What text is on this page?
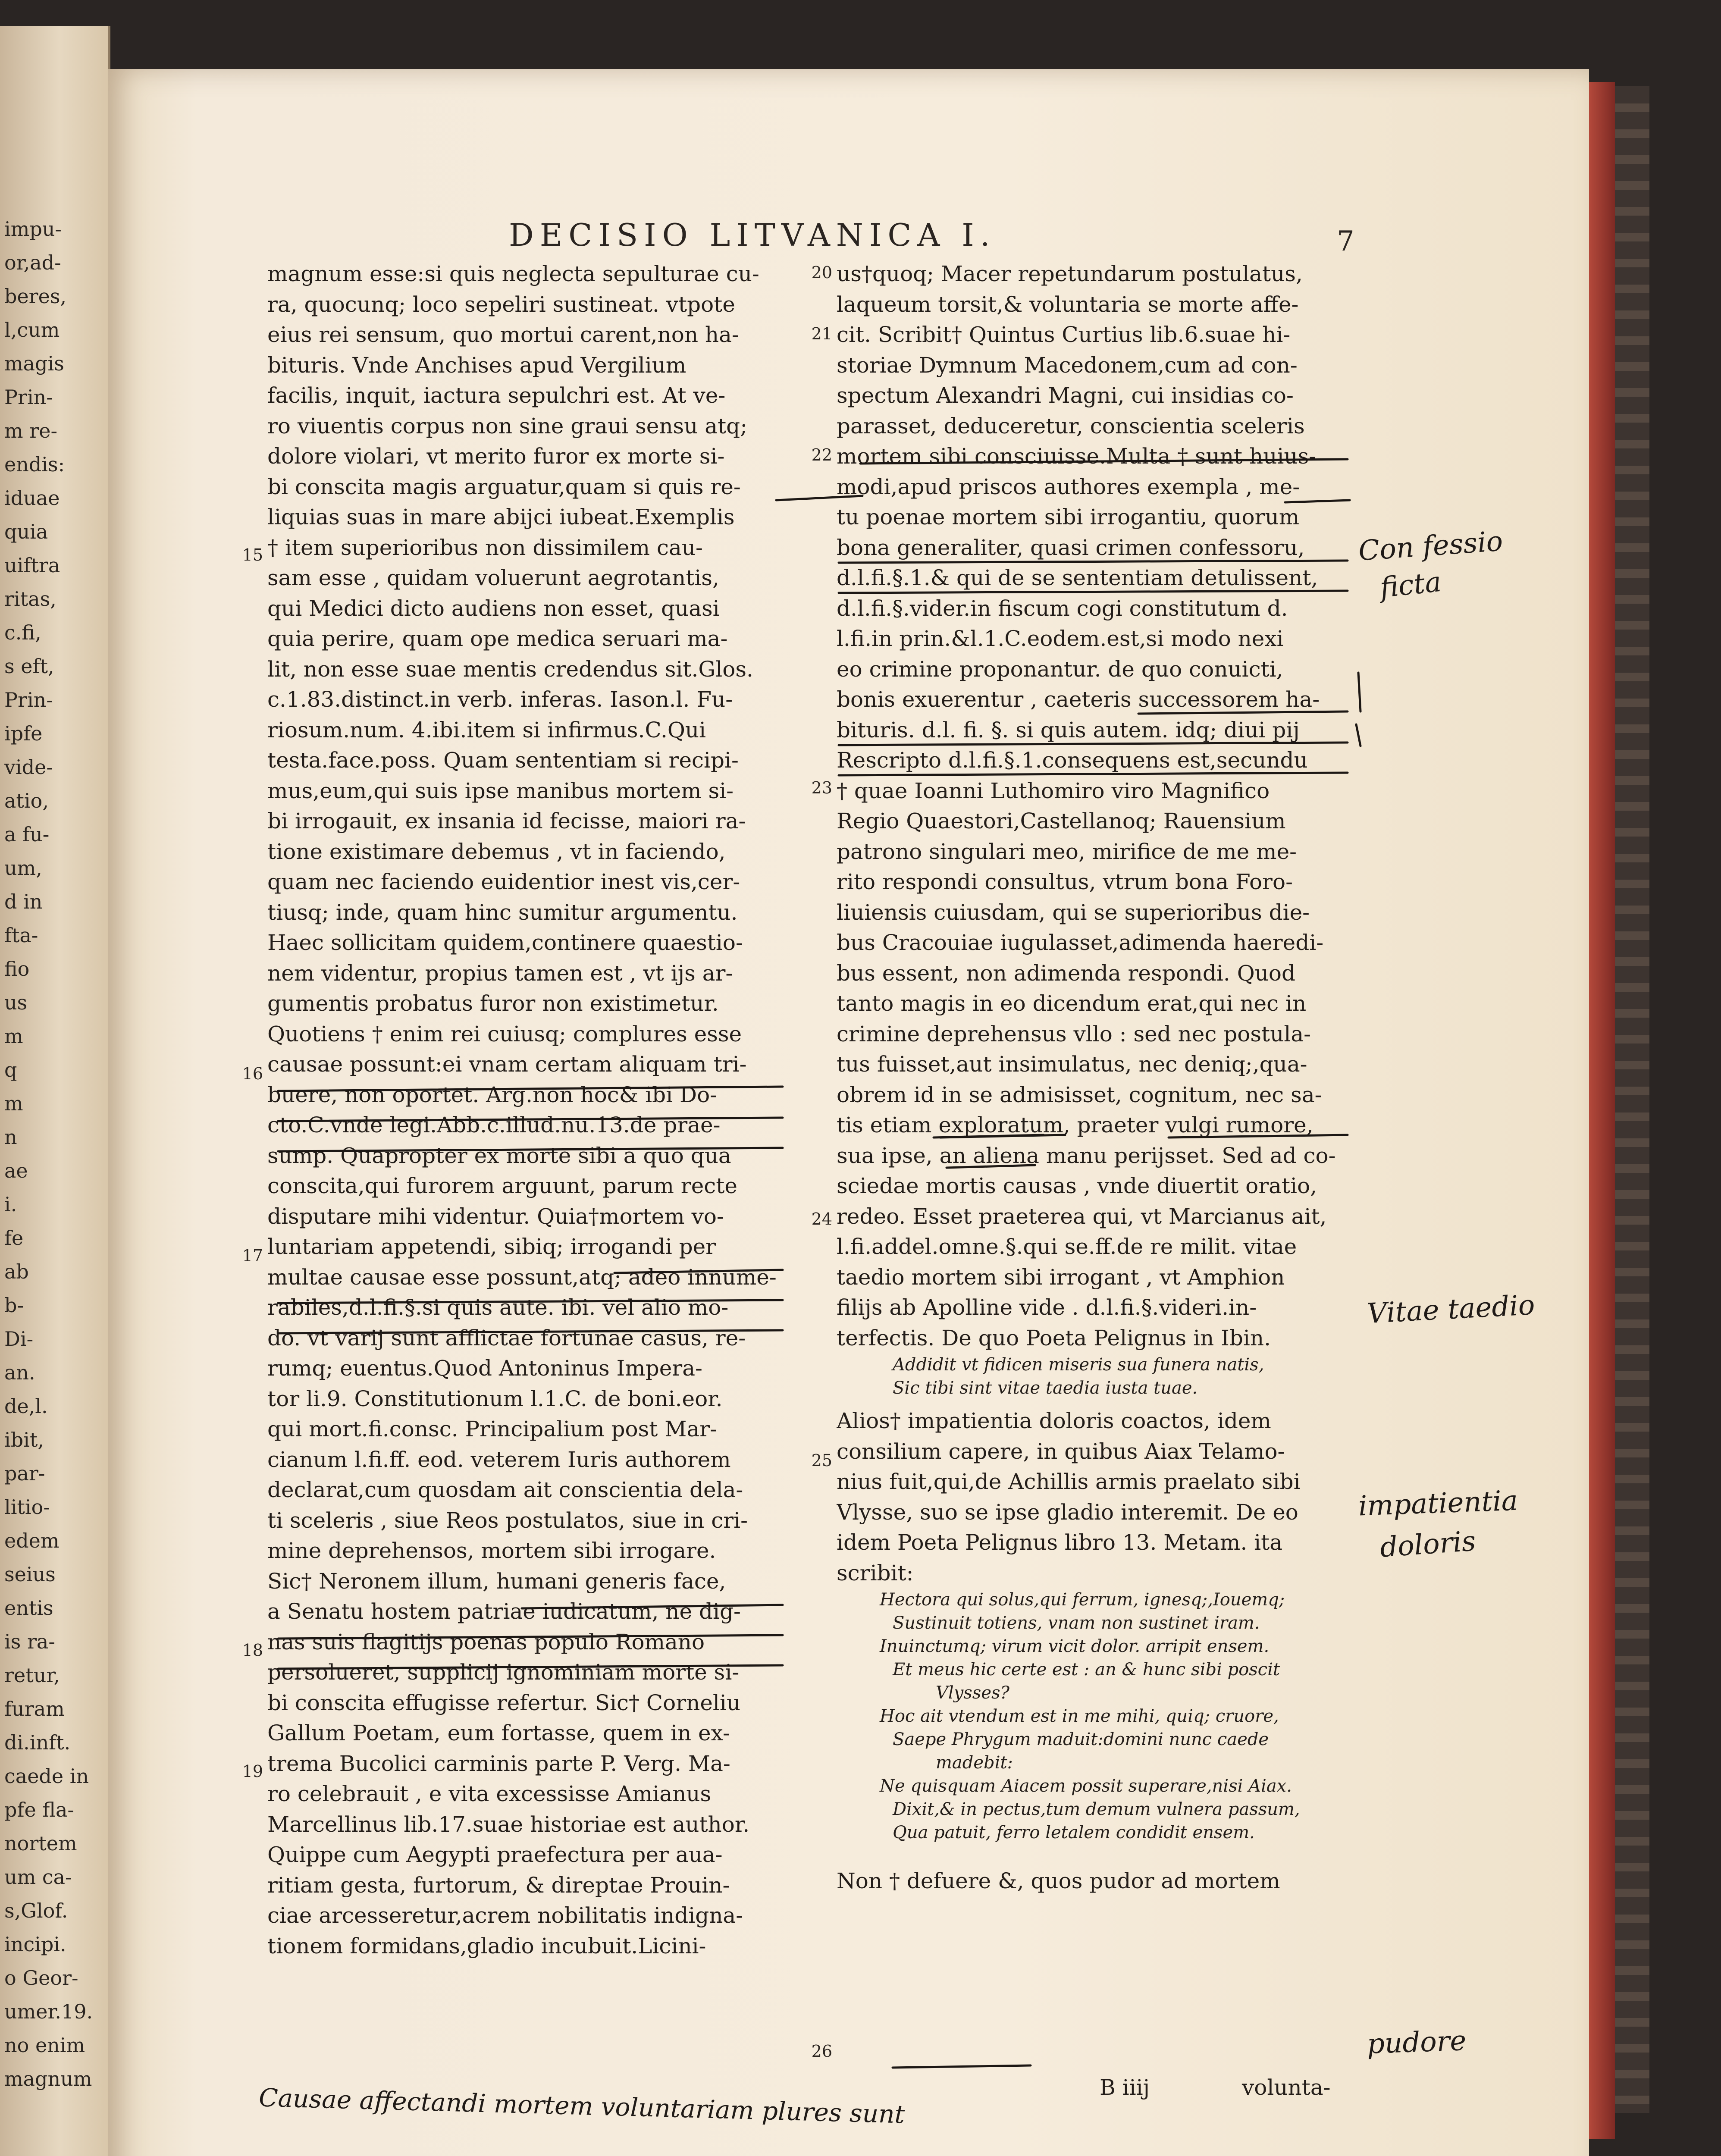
impu-
or,ad-
beres,
l,cum
magis
Prin-
m re-
endis:
iduae
quia
uiftra
ritas,
c.fi,
s eft,
Prin-
ipfe
vide-
atio,
a fu-
um,
d in
fta-
fio
us
m
q
m
n
ae
i.
fe
ab
b-
Di-
an.
de,l.
ibit,
par-
litio-
edem
seius
entis
is ra-
retur,
furam
di.inft.
caede in
pfe fla-
nortem
um ca-
s,Glof.
incipi.
o Geor-
umer.19.
no enim
magnum
DECISIO LITVANICA I.	7
magnum esse:si quis neglecta sepulturae cu-
ra, quocunq; loco sepeliri sustineat. vtpote
eius rei sensum, quo mortui carent,non ha-
bituris. Vnde Anchises apud Vergilium
facilis, inquit, iactura sepulchri est. At ve-
ro viuentis corpus non sine graui sensu atq;
dolore violari, vt merito furor ex morte si-
bi conscita magis arguatur,quam si quis re-
liquias suas in mare abijci iubeat.Exemplis
† item superioribus non dissimilem cau-
sam esse , quidam voluerunt aegrotantis,
qui Medici dicto audiens non esset, quasi
quia perire, quam ope medica seruari ma-
lit, non esse suae mentis credendus sit.Glos.
c.1.83.distinct.in verb. inferas. Iason.l. Fu-
riosum.num. 4.ibi.item si infirmus.C.Qui
testa.face.poss. Quam sententiam si recipi-
mus,eum,qui suis ipse manibus mortem si-
bi irrogauit, ex insania id fecisse, maiori ra-
tione existimare debemus , vt in faciendo,
quam nec faciendo euidentior inest vis,cer-
tiusq; inde, quam hinc sumitur argumentu.
Haec sollicitam quidem,continere quaestio-
nem videntur, propius tamen est , vt ijs ar-
gumentis probatus furor non existimetur.
Quotiens † enim rei cuiusq; complures esse
causae possunt:ei vnam certam aliquam tri-
buere, non oportet. Arg.non hoc& ibi Do-
cto.C.vnde legi.Abb.c.illud.nu.13.de prae-
sump. Quapropter ex morte sibi a quo qua
conscita,qui furorem arguunt, parum recte
disputare mihi videntur. Quia†mortem vo-
luntariam appetendi, sibiq; irrogandi per
multae causae esse possunt,atq; adeo innume-
rabiles,d.l.fi.§.si quis aute. ibi. vel alio mo-
do. vt varij sunt afflictae fortunae casus, re-
rumq; euentus.Quod Antoninus Impera-
tor li.9. Constitutionum l.1.C. de boni.eor.
qui mort.fi.consc. Principalium post Mar-
cianum l.fi.ff. eod. veterem Iuris authorem
declarat,cum quosdam ait conscientia dela-
ti sceleris , siue Reos postulatos, siue in cri-
mine deprehensos, mortem sibi irrogare.
Sic† Neronem illum, humani generis face,
a Senatu hostem patriae iudicatum, ne dig-
nas suis flagitijs poenas populo Romano
persolueret, supplicij ignominiam morte si-
bi conscita effugisse refertur. Sic† Corneliu
Gallum Poetam, eum fortasse, quem in ex-
trema Bucolici carminis parte P. Verg. Ma-
ro celebrauit , e vita excessisse Amianus
Marcellinus lib.17.suae historiae est author.
Quippe cum Aegypti praefectura per aua-
ritiam gesta, furtorum, & direptae Prouin-
ciae arcesseretur,acrem nobilitatis indigna-
tionem formidans,gladio incubuit.Licini-
us†quoq; Macer repetundarum postulatus,
laqueum torsit,& voluntaria se morte affe-
cit. Scribit† Quintus Curtius lib.6.suae hi-
storiae Dymnum Macedonem,cum ad con-
spectum Alexandri Magni, cui insidias co-
parasset, deduceretur, conscientia sceleris
mortem sibi consciuisse.Multa † sunt huius-
modi,apud priscos authores exempla , me-
tu poenae mortem sibi irrogantiu, quorum
bona generaliter, quasi crimen confessoru,
d.l.fi.§.1.& qui de se sententiam detulissent,
d.l.fi.§.vider.in fiscum cogi constitutum d.
l.fi.in prin.&l.1.C.eodem.est,si modo nexi
eo crimine proponantur. de quo conuicti,
bonis exuerentur , caeteris successorem ha-
bituris. d.l. fi. §. si quis autem. idq; diui pij
Rescripto d.l.fi.§.1.consequens est,secundu
† quae Ioanni Luthomiro viro Magnifico
Regio Quaestori,Castellanoq; Rauensium
patrono singulari meo, mirifice de me me-
rito respondi consultus, vtrum bona Foro-
liuiensis cuiusdam, qui se superioribus die-
bus Cracouiae iugulasset,adimenda haeredi-
bus essent, non adimenda respondi. Quod
tanto magis in eo dicendum erat,qui nec in
crimine deprehensus vllo : sed nec postula-
tus fuisset,aut insimulatus, nec deniq;,qua-
obrem id in se admisisset, cognitum, nec sa-
tis etiam exploratum, praeter vulgi rumore,
sua ipse, an aliena manu perijsset. Sed ad co-
sciedae mortis causas , vnde diuertit oratio,
redeo. Esset praeterea qui, vt Marcianus ait,
l.fi.addel.omne.§.qui se.ff.de re milit. vitae
taedio mortem sibi irrogant , vt Amphion
filijs ab Apolline vide . d.l.fi.§.videri.in-
terfectis. De quo Poeta Pelignus in Ibin.
Addidit vt fidicen miseris sua funera natis,
Sic tibi sint vitae taedia iusta tuae.
Alios† impatientia doloris coactos, idem
consilium capere, in quibus Aiax Telamo-
nius fuit,qui,de Achillis armis praelato sibi
Vlysse, suo se ipse gladio interemit. De eo
idem Poeta Pelignus libro 13. Metam. ita
scribit:
Hectora qui solus,qui ferrum, ignesq;,Iouemq;
Sustinuit totiens, vnam non sustinet iram.
Inuinctumq; virum vicit dolor. arripit ensem.
Et meus hic certe est : an & hunc sibi poscit
Vlysses?
Hoc ait vtendum est in me mihi, quiq; cruore,
Saepe Phrygum maduit:domini nunc caede
madebit:
Ne quisquam Aiacem possit superare,nisi Aiax.
Dixit,& in pectus,tum demum vulnera passum,
Qua patuit, ferro letalem condidit ensem.
Non † defuere &, quos pudor ad mortem
15
16
17
18
19
20
21
22
23
24
25
26
B iiij	volunta-
Con fessio
ficta
Vitae taedio
impatientia
doloris
pudore
Causae affectandi mortem voluntariam plures sunt
